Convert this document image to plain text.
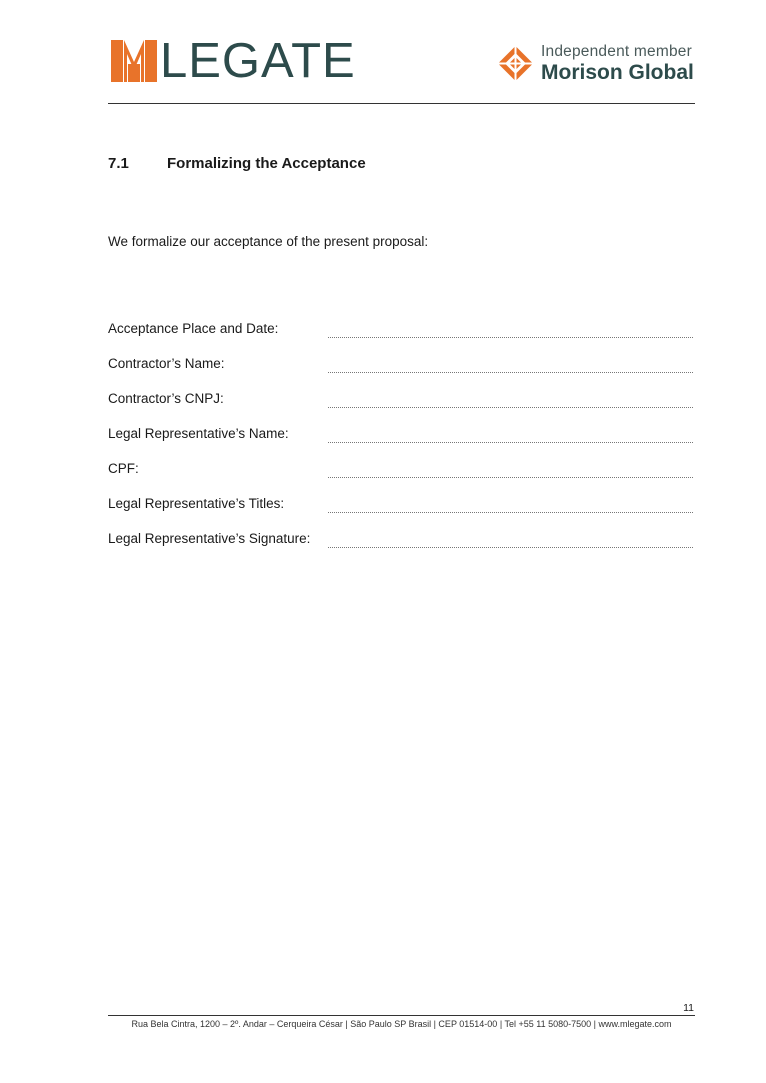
LEGATE	Independent member
Morison Global
7.1	Formalizing the Acceptance
We formalize our acceptance of the present proposal:
Acceptance Place and Date:
Contractor’s Name:
Contractor’s CNPJ:
Legal Representative’s Name:
CPF:
Legal Representative’s Titles:
Legal Representative’s Signature:
11
Rua Bela Cintra, 1200 – 2º. Andar – Cerqueira César | São Paulo SP Brasil | CEP 01514-00 | Tel +55 11 5080-7500 | www.mlegate.com
